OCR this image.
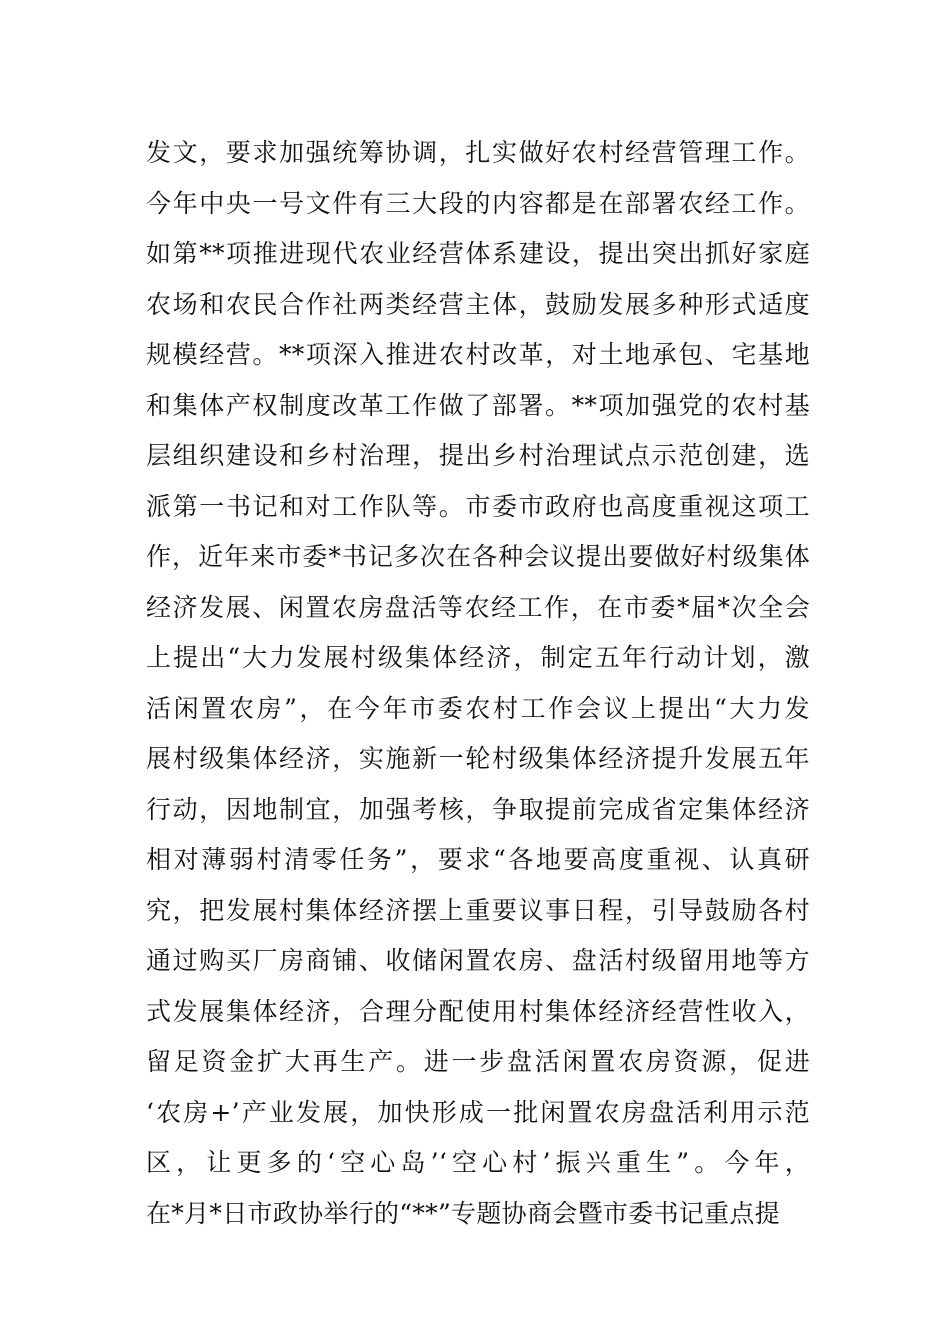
发文，要求加强统筹协调，扎实做好农村经营管理工作。
今年中央一号文件有三大段的内容都是在部署农经工作。
如第**项推进现代农业经营体系建设，提出突出抓好家庭
农场和农民合作社两类经营主体，鼓励发展多种形式适度
规模经营。**项深入推进农村改革，对土地承包、宅基地
和集体产权制度改革工作做了部署。**项加强党的农村基
层组织建设和乡村治理，提出乡村治理试点示范创建，选
派第一书记和对工作队等。市委市政府也高度重视这项工
作，近年来市委*书记多次在各种会议提出要做好村级集体
经济发展、闲置农房盘活等农经工作，在市委*届*次全会
上提出“大力发展村级集体经济，制定五年行动计划，激
活闲置农房”，在今年市委农村工作会议上提出“大力发
展村级集体经济，实施新一轮村级集体经济提升发展五年
行动，因地制宜，加强考核，争取提前完成省定集体经济
相对薄弱村清零任务”，要求“各地要高度重视、认真研
究，把发展村集体经济摆上重要议事日程，引导鼓励各村
通过购买厂房商铺、收储闲置农房、盘活村级留用地等方
式发展集体经济，合理分配使用村集体经济经营性收入，
留足资金扩大再生产。进一步盘活闲置农房资源，促进
‘农房+’产业发展，加快形成一批闲置农房盘活利用示范
区，让更多的‘空心岛’‘空心村’振兴重生”。今年，
在*月*日市政协举行的“**”专题协商会暨市委书记重点提
